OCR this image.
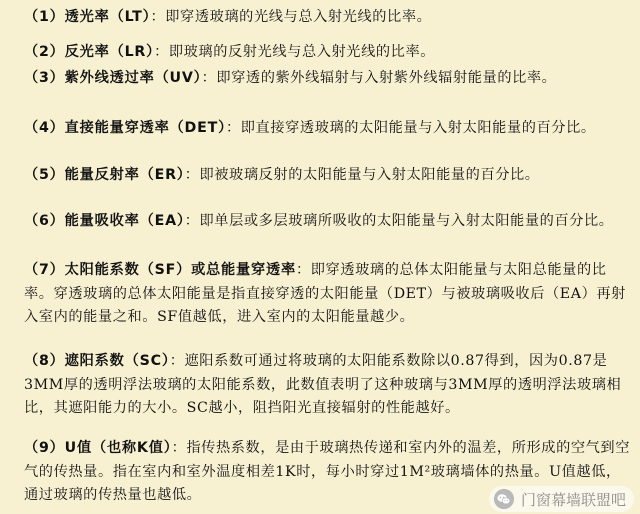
（1）透光率（LT）：即穿透玻璃的光线与总入射光线的比率。
（2）反光率（LR）：即玻璃的反射光线与总入射光线的比率。
（3）紫外线透过率（UV）：即穿透的紫外线辐射与入射紫外线辐射能量的比率。
（4）直接能量穿透率（DET）：即直接穿透玻璃的太阳能量与入射太阳能量的百分比。
（5）能量反射率（ER）：即被玻璃反射的太阳能量与入射太阳能量的百分比。
（6）能量吸收率（EA）：即单层或多层玻璃所吸收的太阳能量与入射太阳能量的百分比。
（7）太阳能系数（SF）或总能量穿透率：即穿透玻璃的总体太阳能量与太阳总能量的比率。穿透玻璃的总体太阳能量是指直接穿透的太阳能量（DET）与被玻璃吸收后（EA）再射入室内的能量之和。SF值越低，进入室内的太阳能量越少。
（8）遮阳系数（SC）：遮阳系数可通过将玻璃的太阳能系数除以0.87得到，因为0.87是3MM厚的透明浮法玻璃的太阳能系数，此数值表明了这种玻璃与3MM厚的透明浮法玻璃相比，其遮阳能力的大小。SC越小，阻挡阳光直接辐射的性能越好。
（9）U值（也称K值）：指传热系数，是由于玻璃热传递和室内外的温差，所形成的空气到空气的传热量。指在室内和室外温度相差1K时，每小时穿过1M²玻璃墙体的热量。U值越低，通过玻璃的传热量也越低。	门窗幕墙联盟吧
